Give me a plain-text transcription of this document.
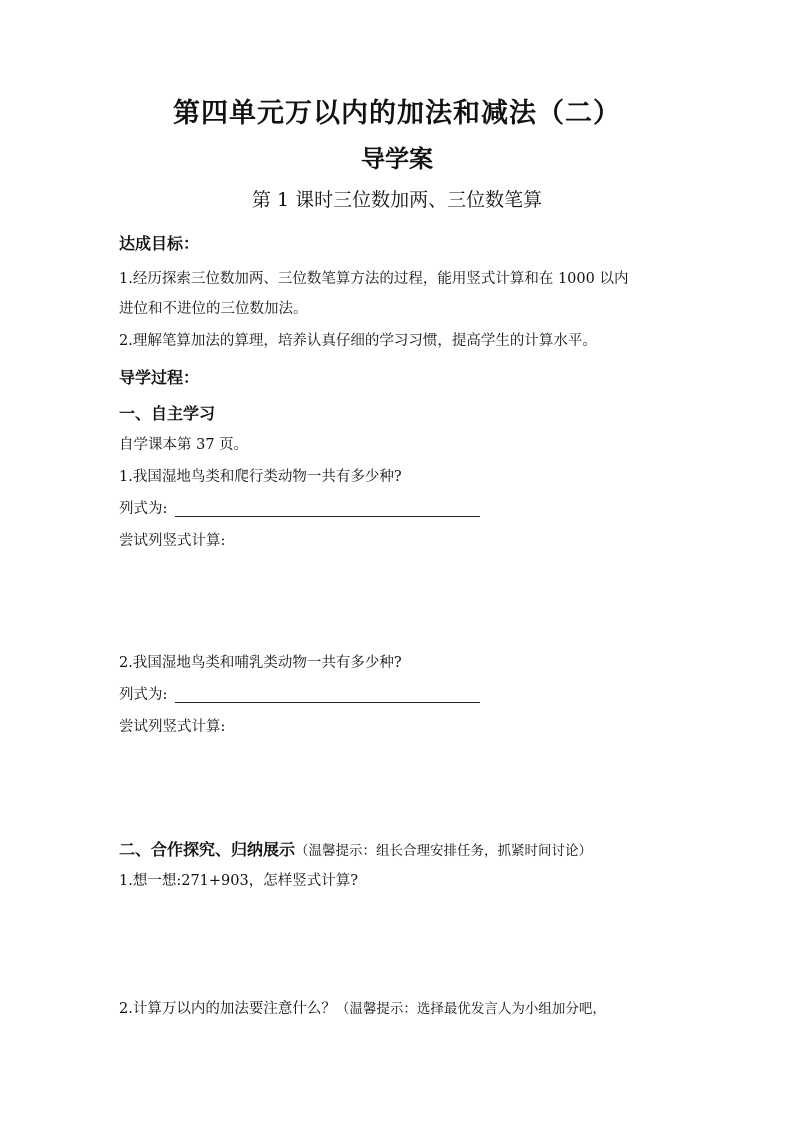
第四单元万以内的加法和减法（二）
导学案
第 1 课时三位数加两、三位数笔算
达成目标：
1.经历探索三位数加两、三位数笔算方法的过程，能用竖式计算和在 1000 以内
进位和不进位的三位数加法。
2.理解笔算加法的算理，培养认真仔细的学习习惯，提高学生的计算水平。
导学过程：
一、自主学习
自学课本第 37 页。
1.我国湿地鸟类和爬行类动物一共有多少种?
列式为:
尝试列竖式计算:
2.我国湿地鸟类和哺乳类动物一共有多少种?
列式为:
尝试列竖式计算:
二、合作探究、归纳展示（温馨提示：组长合理安排任务，抓紧时间讨论）
1.想一想:271+903，怎样竖式计算?
2.计算万以内的加法要注意什么？（温馨提示：选择最优发言人为小组加分吧，
